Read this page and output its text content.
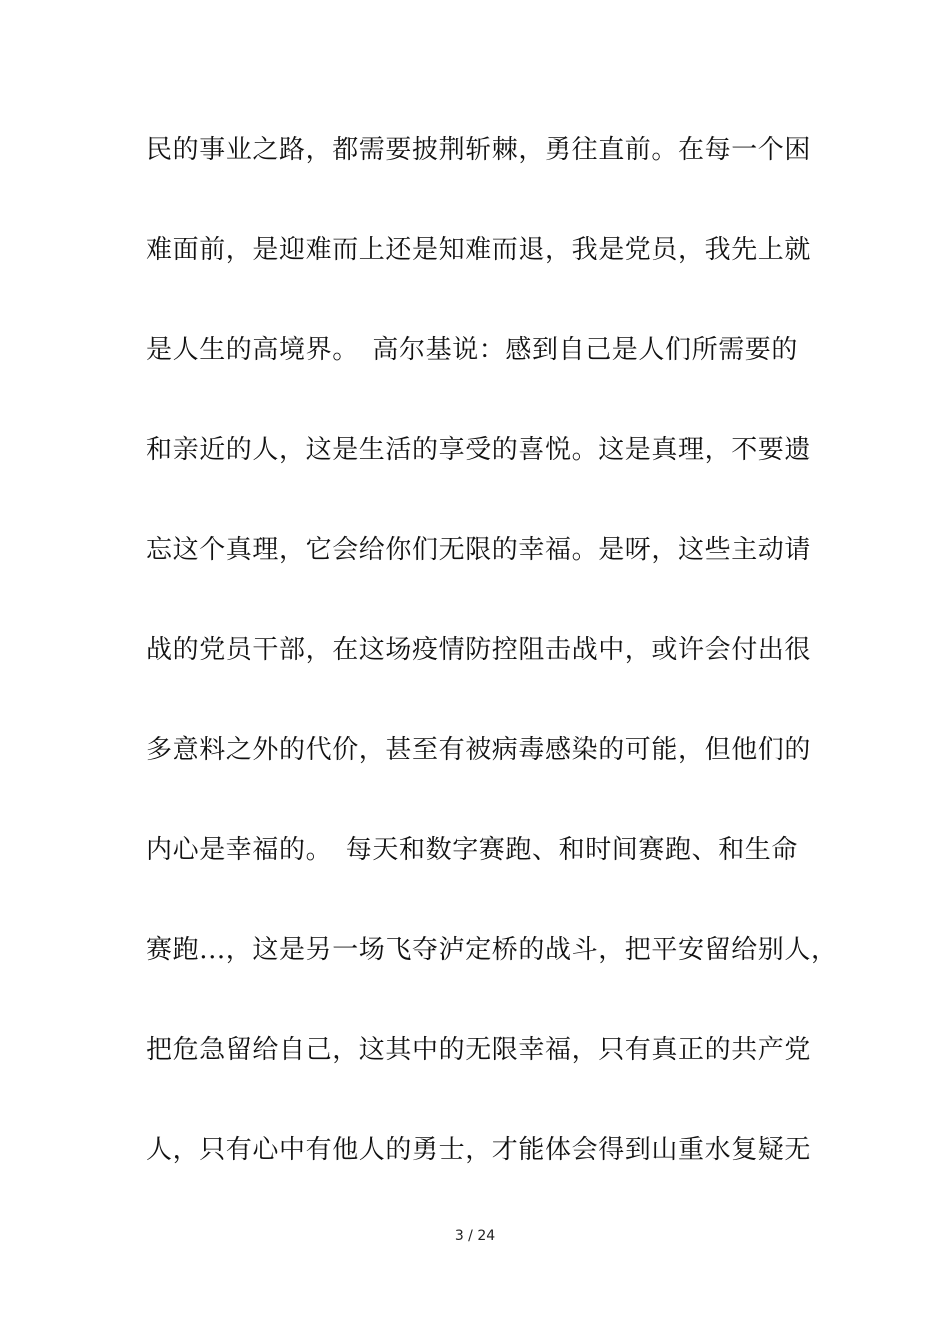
民的事业之路，都需要披荆斩棘，勇往直前。在每一个困
难面前，是迎难而上还是知难而退，我是党员，我先上就
是人生的高境界。　高尔基说：感到自己是人们所需要的
和亲近的人，这是生活的享受的喜悦。这是真理，不要遗
忘这个真理，它会给你们无限的幸福。是呀，这些主动请
战的党员干部，在这场疫情防控阻击战中，或许会付出很
多意料之外的代价，甚至有被病毒感染的可能，但他们的
内心是幸福的。　每天和数字赛跑、和时间赛跑、和生命
赛跑...，这是另一场飞夺泸定桥的战斗，把平安留给别人，
把危急留给自己，这其中的无限幸福，只有真正的共产党
人，只有心中有他人的勇士，才能体会得到山重水复疑无
3 / 24
